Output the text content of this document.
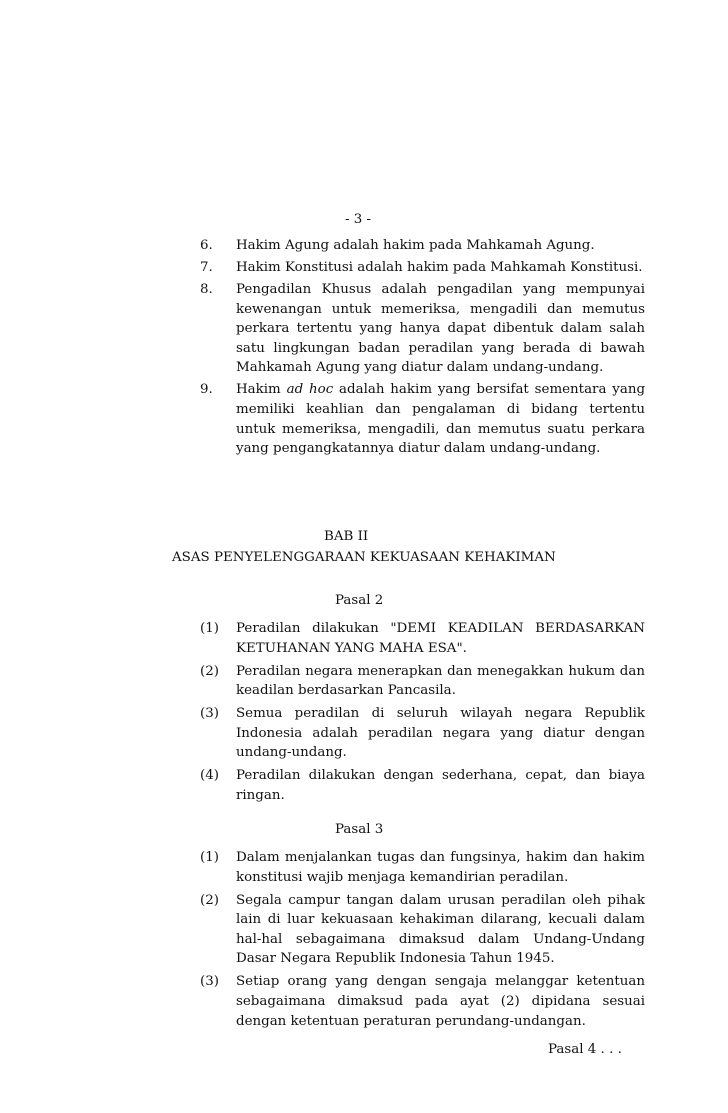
- 3 -
6.	Hakim Agung adalah hakim pada Mahkamah Agung.
7.	Hakim Konstitusi adalah hakim pada Mahkamah Konstitusi.
8.	Pengadilan Khusus adalah pengadilan yang mempunyai kewenangan untuk memeriksa, mengadili dan memutus perkara tertentu yang hanya dapat dibentuk dalam salah satu lingkungan badan peradilan yang berada di bawah Mahkamah Agung yang diatur dalam undang-undang.
9.	Hakim ad hoc adalah hakim yang bersifat sementara yang memiliki keahlian dan pengalaman di bidang tertentu untuk memeriksa, mengadili, dan memutus suatu perkara yang pengangkatannya diatur dalam undang-undang.
BAB II
ASAS PENYELENGGARAAN KEKUASAAN KEHAKIMAN
Pasal 2
(1)	Peradilan dilakukan "DEMI KEADILAN BERDASARKAN KETUHANAN YANG MAHA ESA".
(2)	Peradilan negara menerapkan dan menegakkan hukum dan keadilan berdasarkan Pancasila.
(3)	Semua peradilan di seluruh wilayah negara Republik Indonesia adalah peradilan negara yang diatur dengan undang-undang.
(4)	Peradilan dilakukan dengan sederhana, cepat, dan biaya ringan.
Pasal 3
(1)	Dalam menjalankan tugas dan fungsinya, hakim dan hakim konstitusi wajib menjaga kemandirian peradilan.
(2)	Segala campur tangan dalam urusan peradilan oleh pihak lain di luar kekuasaan kehakiman dilarang, kecuali dalam hal-hal sebagaimana dimaksud dalam Undang-Undang Dasar Negara Republik Indonesia Tahun 1945.
(3)	Setiap orang yang dengan sengaja melanggar ketentuan sebagaimana dimaksud pada ayat (2) dipidana sesuai dengan ketentuan peraturan perundang-undangan.
Pasal 4 . . .
